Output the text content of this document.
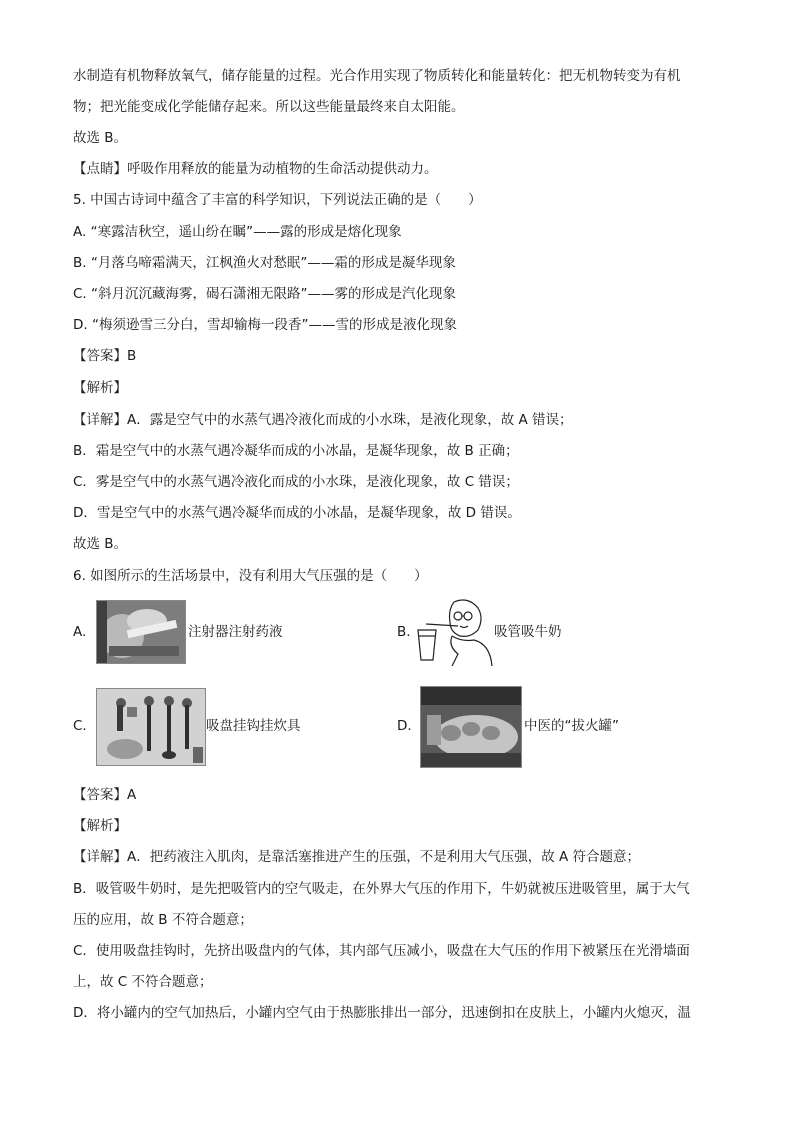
水制造有机物释放氧气，储存能量的过程。光合作用实现了物质转化和能量转化：把无机物转变为有机
物；把光能变成化学能储存起来。所以这些能量最终来自太阳能。
故选 B。
【点睛】呼吸作用释放的能量为动植物的生命活动提供动力。
5. 中国古诗词中蕴含了丰富的科学知识，下列说法正确的是（　　）
A. “寒露洁秋空，遥山纷在瞩”——露的形成是熔化现象
B. “月落乌啼霜满天，江枫渔火对愁眠”——霜的形成是凝华现象
C. “斜月沉沉藏海雾，碣石潇湘无限路”——雾的形成是汽化现象
D. “梅须逊雪三分白，雪却输梅一段香”——雪的形成是液化现象
【答案】B
【解析】
【详解】A．露是空气中的水蒸气遇冷液化而成的小水珠，是液化现象，故 A 错误；
B．霜是空气中的水蒸气遇冷凝华而成的小冰晶，是凝华现象，故 B 正确；
C．雾是空气中的水蒸气遇冷液化而成的小水珠，是液化现象，故 C 错误；
D．雪是空气中的水蒸气遇冷凝华而成的小冰晶，是凝华现象，故 D 错误。
故选 B。
6. 如图所示的生活场景中，没有利用大气压强的是（　　）
A.	注射器注射药液	B.	吸管吸牛奶
C.	吸盘挂钩挂炊具	D.	中医的“拔火罐”
【答案】A
【解析】
【详解】A．把药液注入肌肉，是靠活塞推进产生的压强，不是利用大气压强，故 A 符合题意；
B．吸管吸牛奶时，是先把吸管内的空气吸走，在外界大气压的作用下，牛奶就被压进吸管里，属于大气
压的应用，故 B 不符合题意；
C．使用吸盘挂钩时，先挤出吸盘内的气体，其内部气压减小，吸盘在大气压的作用下被紧压在光滑墙面
上，故 C 不符合题意；
D．将小罐内的空气加热后，小罐内空气由于热膨胀排出一部分，迅速倒扣在皮肤上，小罐内火熄灭，温
